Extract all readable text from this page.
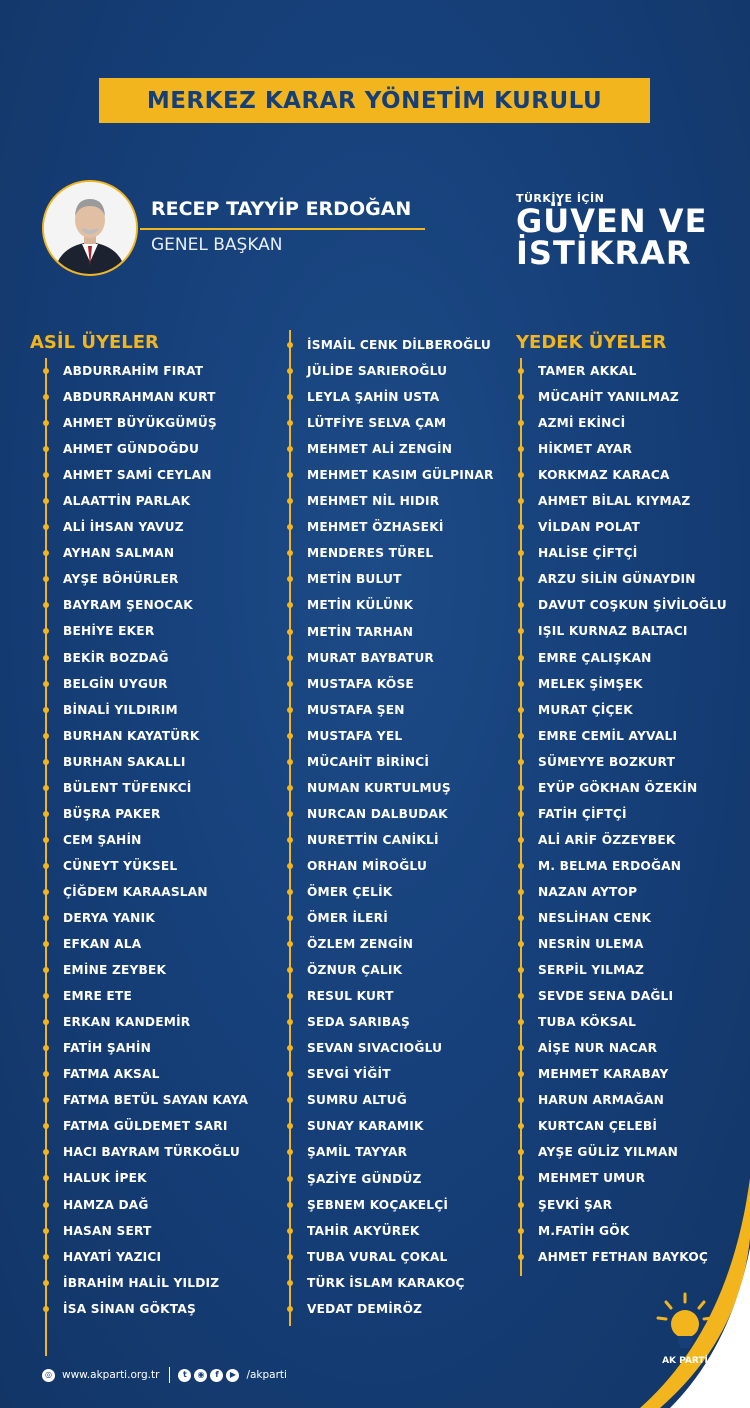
MERKEZ KARAR YÖNETİM KURULU
RECEP TAYYİP ERDOĞAN
GENEL BAŞKAN
TÜRKİYE İÇİN
GÜVEN VE
İSTİKRAR
ASİL ÜYELER
ABDURRAHİM FIRAT
ABDURRAHMAN KURT
AHMET BÜYÜKGÜMÜŞ
AHMET GÜNDOĞDU
AHMET SAMİ CEYLAN
ALAATTİN PARLAK
ALİ İHSAN YAVUZ
AYHAN SALMAN
AYŞE BÖHÜRLER
BAYRAM ŞENOCAK
BEHİYE EKER
BEKİR BOZDAĞ
BELGİN UYGUR
BİNALİ YILDIRIM
BURHAN KAYATÜRK
BURHAN SAKALLI
BÜLENT TÜFENKCİ
BÜŞRA PAKER
CEM ŞAHİN
CÜNEYT YÜKSEL
ÇİĞDEM KARAASLAN
DERYA YANIK
EFKAN ALA
EMİNE ZEYBEK
EMRE ETE
ERKAN KANDEMİR
FATİH ŞAHİN
FATMA AKSAL
FATMA BETÜL SAYAN KAYA
FATMA GÜLDEMET SARI
HACI BAYRAM TÜRKOĞLU
HALUK İPEK
HAMZA DAĞ
HASAN SERT
HAYATİ YAZICI
İBRAHİM HALİL YILDIZ
İSA SİNAN GÖKTAŞ
İSMAİL CENK DİLBEROĞLU
JÜLİDE SARIEROĞLU
LEYLA ŞAHİN USTA
LÜTFİYE SELVA ÇAM
MEHMET ALİ ZENGİN
MEHMET KASIM GÜLPINAR
MEHMET NİL HIDIR
MEHMET ÖZHASEKİ
MENDERES TÜREL
METİN BULUT
METİN KÜLÜNK
METİN TARHAN
MURAT BAYBATUR
MUSTAFA KÖSE
MUSTAFA ŞEN
MUSTAFA YEL
MÜCAHİT BİRİNCİ
NUMAN KURTULMUŞ
NURCAN DALBUDAK
NURETTİN CANİKLİ
ORHAN MİROĞLU
ÖMER ÇELİK
ÖMER İLERİ
ÖZLEM ZENGİN
ÖZNUR ÇALIK
RESUL KURT
SEDA SARIBAŞ
SEVAN SIVACIOĞLU
SEVGİ YİĞİT
SUMRU ALTUĞ
SUNAY KARAMIK
ŞAMİL TAYYAR
ŞAZİYE GÜNDÜZ
ŞEBNEM KOÇAKELÇİ
TAHİR AKYÜREK
TUBA VURAL ÇOKAL
TÜRK İSLAM KARAKOÇ
VEDAT DEMİRÖZ
YEDEK ÜYELER
TAMER AKKAL
MÜCAHİT YANILMAZ
AZMİ EKİNCİ
HİKMET AYAR
KORKMAZ KARACA
AHMET BİLAL KIYMAZ
VİLDAN POLAT
HALİSE ÇİFTÇİ
ARZU SİLİN GÜNAYDIN
DAVUT COŞKUN ŞİVİLOĞLU
IŞIL KURNAZ BALTACI
EMRE ÇALIŞKAN
MELEK ŞİMŞEK
MURAT ÇİÇEK
EMRE CEMİL AYVALI
SÜMEYYE BOZKURT
EYÜP GÖKHAN ÖZEKİN
FATİH ÇİFTÇİ
ALİ ARİF ÖZZEYBEK
M. BELMA ERDOĞAN
NAZAN AYTOP
NESLİHAN CENK
NESRİN ULEMA
SERPİL YILMAZ
SEVDE SENA DAĞLI
TUBA KÖKSAL
AİŞE NUR NACAR
MEHMET KARABAY
HARUN ARMAĞAN
KURTCAN ÇELEBİ
AYŞE GÜLİZ YILMAN
MEHMET UMUR
ŞEVKİ ŞAR
M.FATİH GÖK
AHMET FETHAN BAYKOÇ
AK PARTİ
◎ www.akparti.org.tr	t	◉	f	▶ /akparti
